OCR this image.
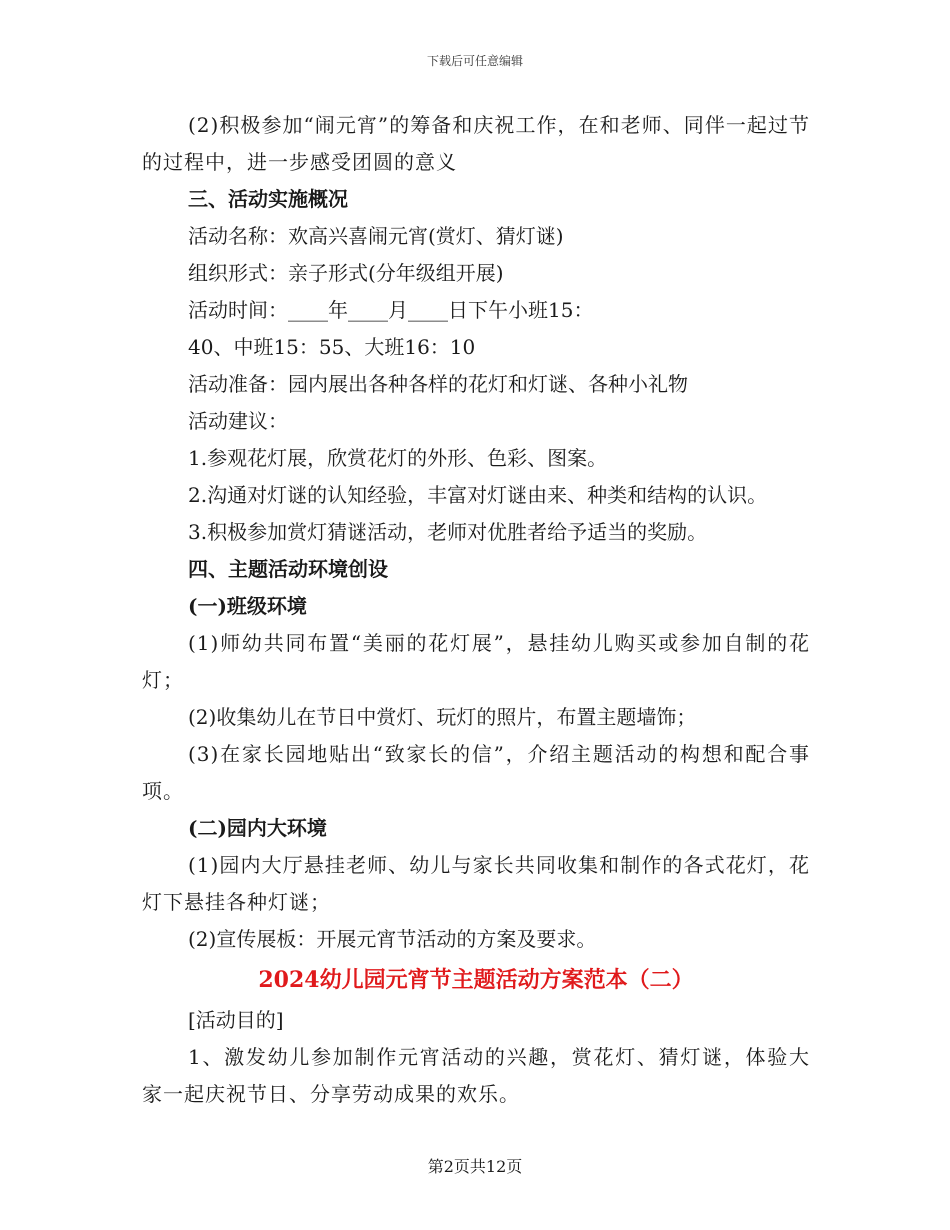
下载后可任意编辑
(2)积极参加“闹元宵”的筹备和庆祝工作，在和老师、同伴一起过节的过程中，进一步感受团圆的意义
三、活动实施概况
活动名称：欢高兴喜闹元宵(赏灯、猜灯谜)
组织形式：亲子形式(分年级组开展)
活动时间：____年____月____日下午小班15：
40、中班15：55、大班16：10
活动准备：园内展出各种各样的花灯和灯谜、各种小礼物
活动建议：
1.参观花灯展，欣赏花灯的外形、色彩、图案。
2.沟通对灯谜的认知经验，丰富对灯谜由来、种类和结构的认识。
3.积极参加赏灯猜谜活动，老师对优胜者给予适当的奖励。
四、主题活动环境创设
(一)班级环境
(1)师幼共同布置“美丽的花灯展”，悬挂幼儿购买或参加自制的花灯；
(2)收集幼儿在节日中赏灯、玩灯的照片，布置主题墙饰；
(3)在家长园地贴出“致家长的信”，介绍主题活动的构想和配合事项。
(二)园内大环境
(1)园内大厅悬挂老师、幼儿与家长共同收集和制作的各式花灯，花灯下悬挂各种灯谜；
(2)宣传展板：开展元宵节活动的方案及要求。
2024幼儿园元宵节主题活动方案范本（二）
[活动目的]
1、激发幼儿参加制作元宵活动的兴趣，赏花灯、猜灯谜，体验大家一起庆祝节日、分享劳动成果的欢乐。
第2页共12页
